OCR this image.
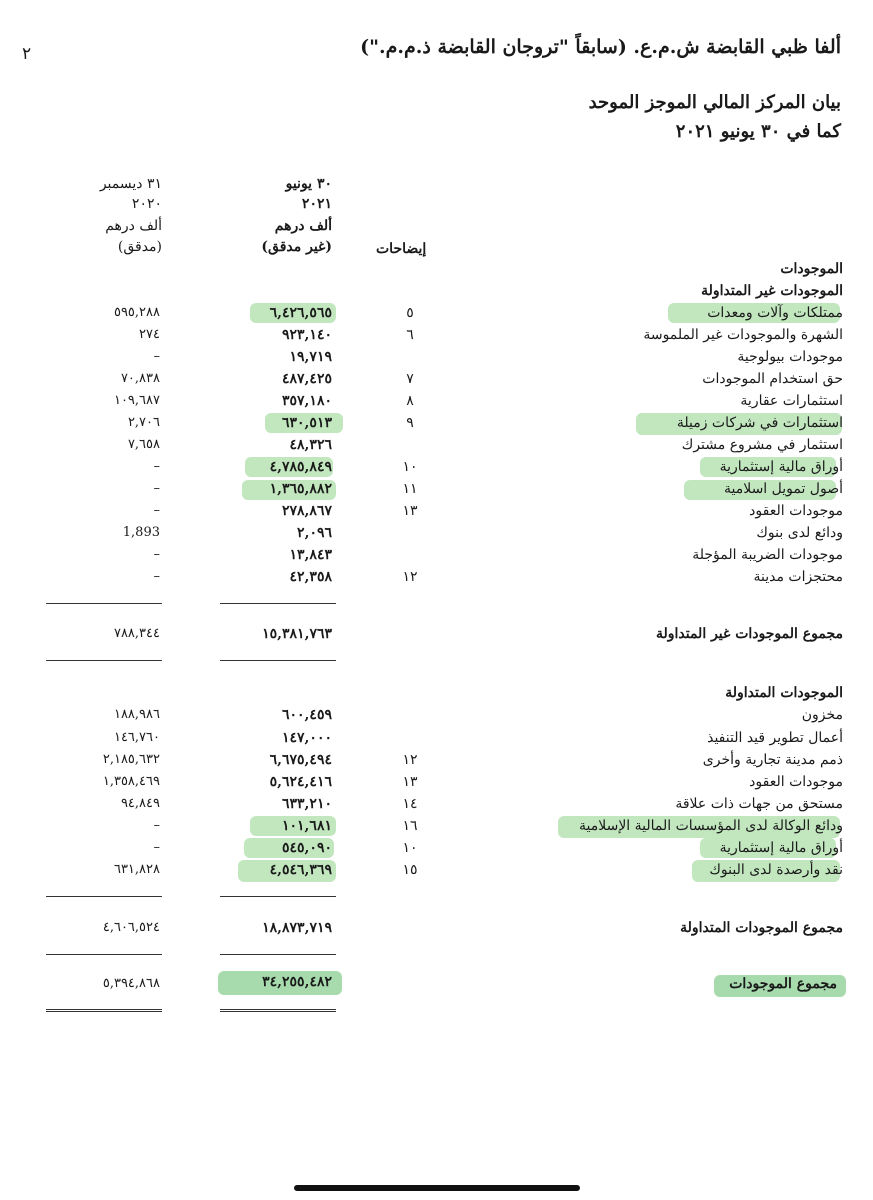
ألفا ظبي القابضة ش.م.ع. (سابقاً "تروجان القابضة ذ.م.م.")
٢
بيان المركز المالي الموجز الموحد
كما في ٣٠ يونيو ٢٠٢١
٣٠ يونيو
٢٠٢١
ألف درهم
(غير مدقق)
٣١ ديسمبر
٢٠٢٠
ألف درهم
(مدقق)	إيضاحات
الموجودات
الموجودات غير المتداولة
ممتلكات وآلات ومعدات
٥
٦,٤٢٦,٥٦٥
٥٩٥,٢٨٨
الشهرة والموجودات غير الملموسة
٦
٩٢٣,١٤٠
٢٧٤
موجودات بيولوجية
١٩,٧١٩
–
حق استخدام الموجودات
٧
٤٨٧,٤٢٥
٧٠,٨٣٨
استثمارات عقارية
٨
٣٥٧,١٨٠
١٠٩,٦٨٧
استثمارات في شركات زميلة
٩
٦٣٠,٥١٣
٢,٧٠٦
استثمار في مشروع مشترك
٤٨,٣٢٦
٧,٦٥٨
أوراق مالية إستثمارية
١٠
٤,٧٨٥,٨٤٩
–
أصول تمويل اسلامية
١١
١,٣٦٥,٨٨٢
–
موجودات العقود
١٣
٢٧٨,٨٦٧
–
ودائع لدى بنوك
٢,٠٩٦
1,893
موجودات الضريبة المؤجلة
١٣,٨٤٣
–
محتجزات مدينة
١٢
٤٢,٣٥٨
–
مجموع الموجودات غير المتداولة
١٥,٣٨١,٧٦٣
٧٨٨,٣٤٤
الموجودات المتداولة
مخزون
٦٠٠,٤٥٩
١٨٨,٩٨٦
أعمال تطوير قيد التنفيذ
١٤٧,٠٠٠
١٤٦,٧٦٠
ذمم مدينة تجارية وأخرى
١٢
٦,٦٧٥,٤٩٤
٢,١٨٥,٦٣٢
موجودات العقود
١٣
٥,٦٢٤,٤١٦
١,٣٥٨,٤٦٩
مستحق من جهات ذات علاقة
١٤
٦٣٣,٢١٠
٩٤,٨٤٩
ودائع الوكالة لدى المؤسسات المالية الإسلامية
١٦
١٠١,٦٨١
–
أوراق مالية إستثمارية
١٠
٥٤٥,٠٩٠
–
نقد وأرصدة لدى البنوك
١٥
٤,٥٤٦,٣٦٩
٦٣١,٨٢٨
مجموع الموجودات المتداولة
١٨,٨٧٣,٧١٩
٤,٦٠٦,٥٢٤
مجموع الموجودات
٣٤,٢٥٥,٤٨٢
٥,٣٩٤,٨٦٨
